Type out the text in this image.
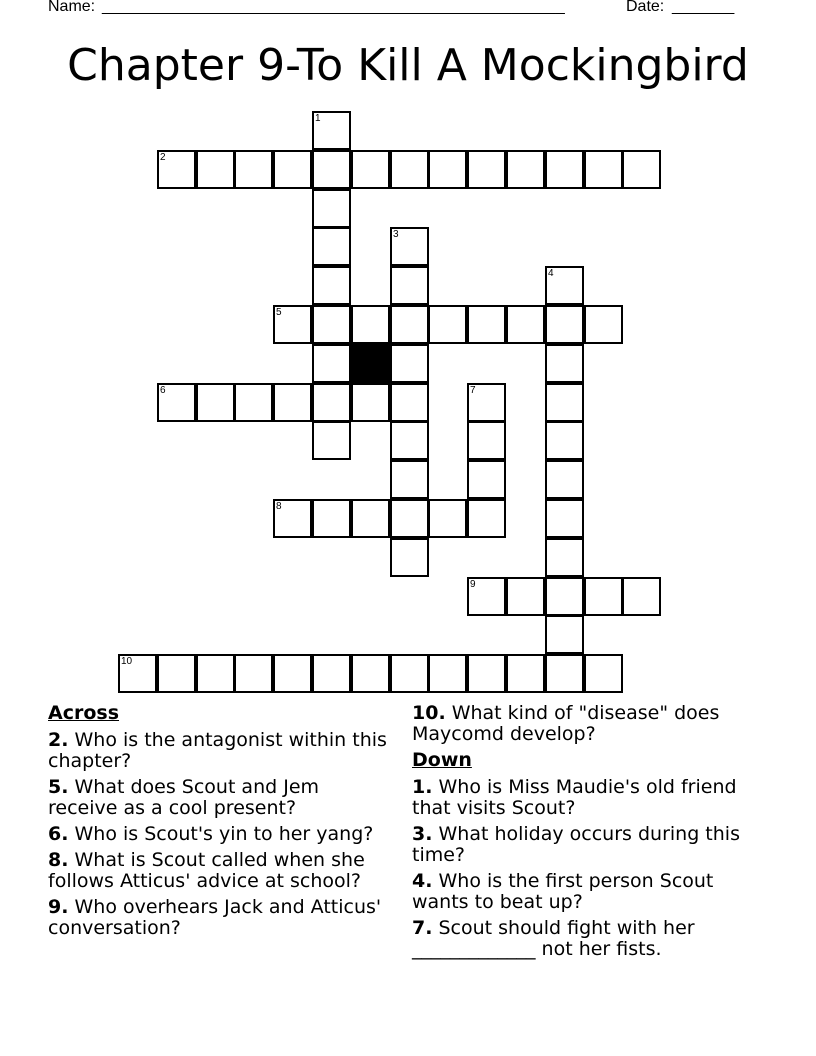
Name: ____________________________________________________	Date: _______
Chapter 9-To Kill A Mockingbird
1
2
3
4
5
6	7
8
9
10
Across
2. Who is the antagonist within this chapter?
5. What does Scout and Jem receive as a cool present?
6. Who is Scout's yin to her yang?
8. What is Scout called when she follows Atticus' advice at school?
9. Who overhears Jack and Atticus' conversation?
10. What kind of "disease" does Maycomd develop?
Down
1. Who is Miss Maudie's old friend that visits Scout?
3. What holiday occurs during this time?
4. Who is the first person Scout wants to beat up?
7. Scout should fight with her _____________ not her fists.
